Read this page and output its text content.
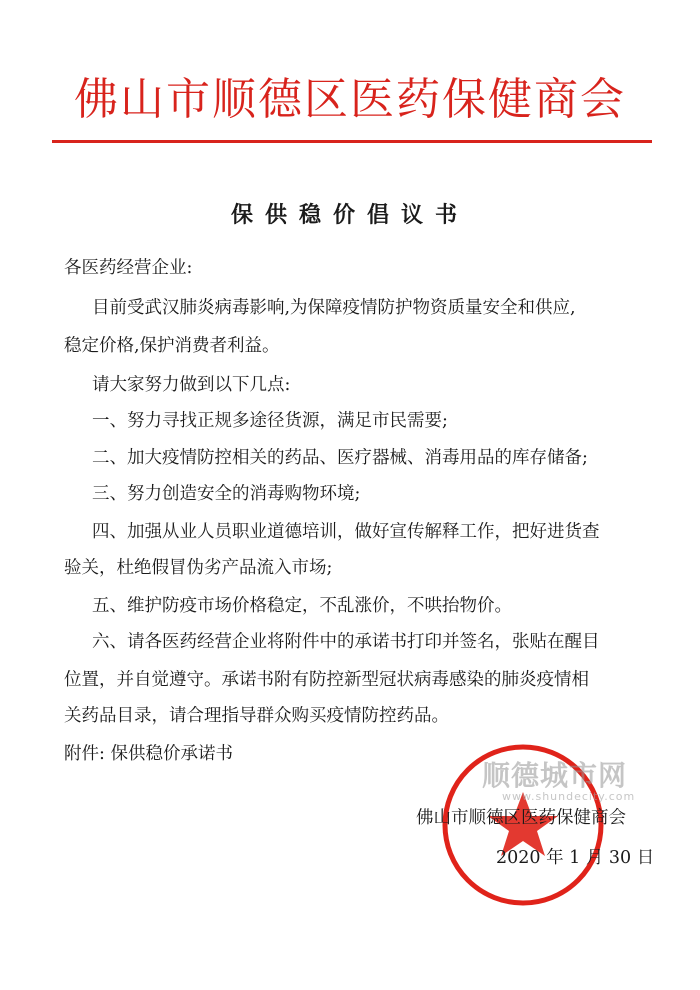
佛山市顺德区医药保健商会
保供稳价倡议书
各医药经营企业:
目前受武汉肺炎病毒影响,为保障疫情防护物资质量安全和供应,
稳定价格,保护消费者利益。
请大家努力做到以下几点:
一、努力寻找正规多途径货源，满足市民需要;
二、加大疫情防控相关的药品、医疗器械、消毒用品的库存储备;
三、努力创造安全的消毒购物环境;
四、加强从业人员职业道德培训，做好宣传解释工作，把好进货查
验关，杜绝假冒伪劣产品流入市场;
五、维护防疫市场价格稳定，不乱涨价，不哄抬物价。
六、请各医药经营企业将附件中的承诺书打印并签名，张贴在醒目
位置，并自觉遵守。承诺书附有防控新型冠状病毒感染的肺炎疫情相
关药品目录，请合理指导群众购买疫情防控药品。
附件: 保供稳价承诺书
佛山市顺德区医药保健商会
2020 年 1 月 30 日
顺德城市网
www.shundecity.com
